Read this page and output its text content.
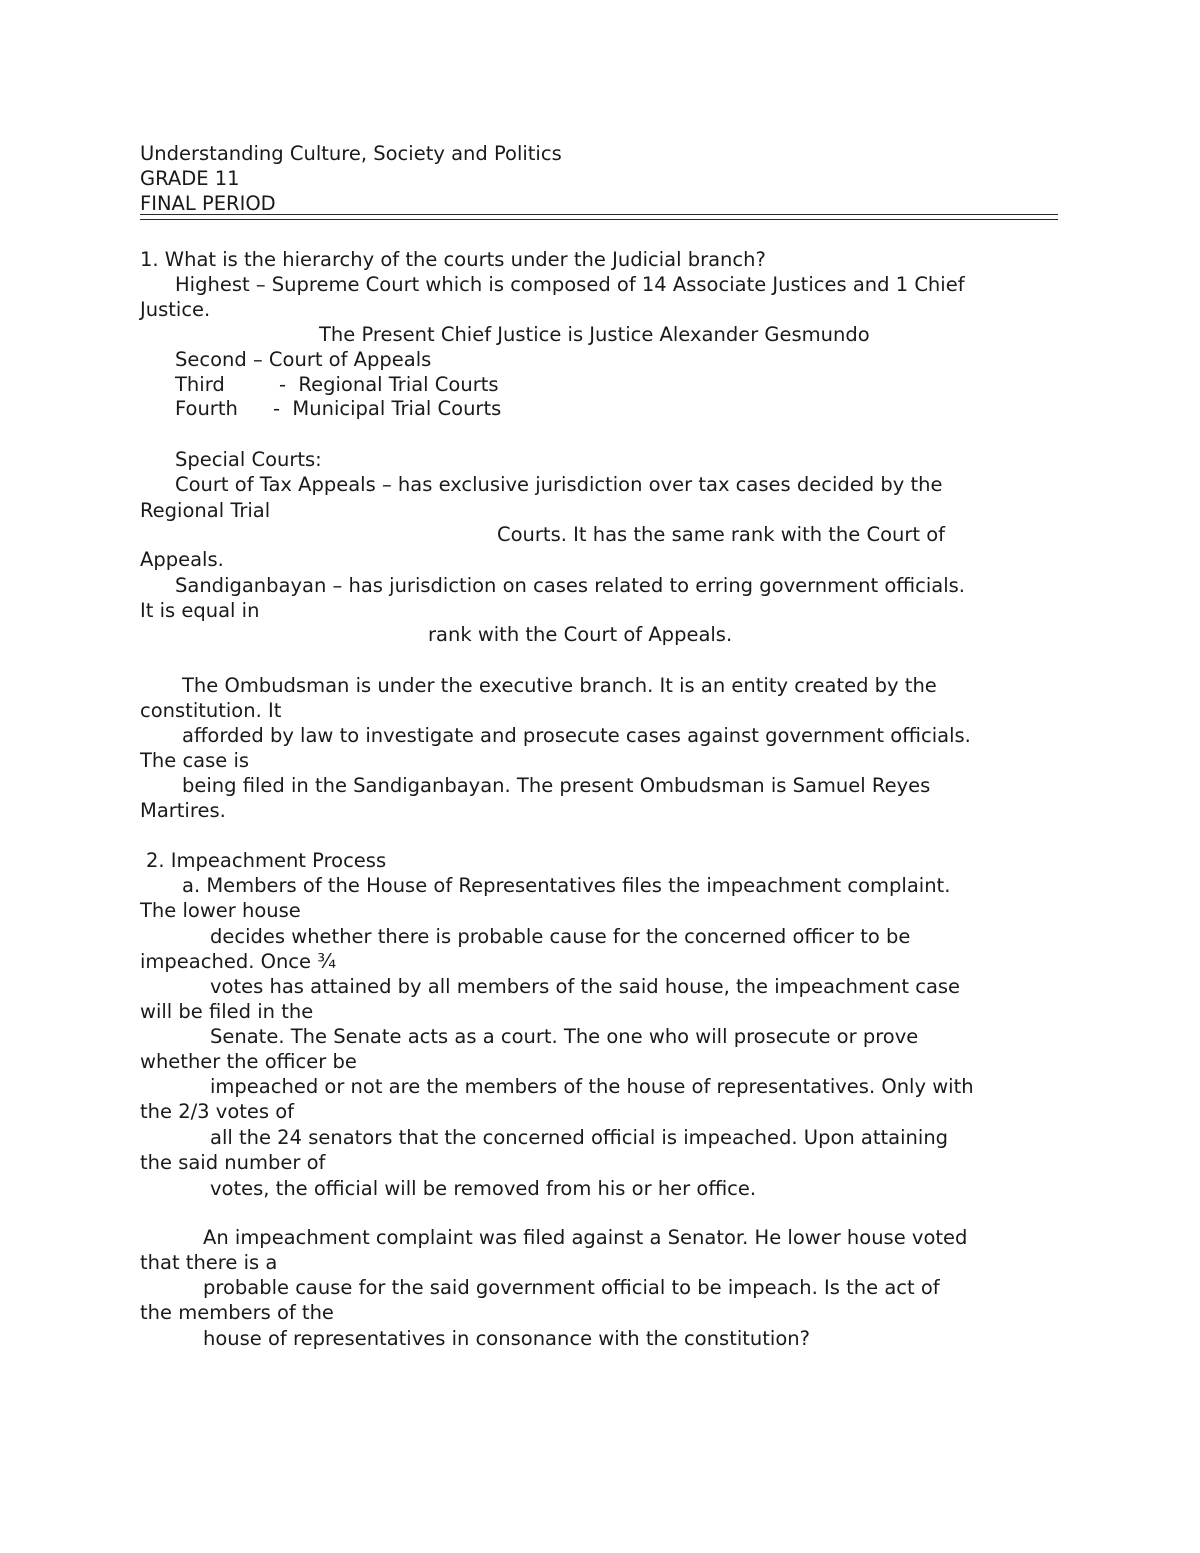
Understanding Culture, Society and Politics
GRADE 11
FINAL PERIOD
1. What is the hierarchy of the courts under the Judicial branch?
Highest – Supreme Court which is composed of 14 Associate Justices and 1 Chief
Justice.
The Present Chief Justice is Justice Alexander Gesmundo
Second – Court of Appeals
Third	-  Regional Trial Courts
Fourth -  Municipal Trial Courts
Special Courts:
Court of Tax Appeals – has exclusive jurisdiction over tax cases decided by the
Regional Trial
Courts. It has the same rank with the Court of
Appeals.
Sandiganbayan – has jurisdiction on cases related to erring government officials.
It is equal in
rank with the Court of Appeals.
The Ombudsman is under the executive branch. It is an entity created by the
constitution. It
afforded by law to investigate and prosecute cases against government officials.
The case is
being filed in the Sandiganbayan. The present Ombudsman is Samuel Reyes
Martires.
2. Impeachment Process
a. Members of the House of Representatives files the impeachment complaint.
The lower house
decides whether there is probable cause for the concerned officer to be
impeached. Once ¾
votes has attained by all members of the said house, the impeachment case
will be filed in the
Senate. The Senate acts as a court. The one who will prosecute or prove
whether the officer be
impeached or not are the members of the house of representatives. Only with
the 2/3 votes of
all the 24 senators that the concerned official is impeached. Upon attaining
the said number of
votes, the official will be removed from his or her office.
An impeachment complaint was filed against a Senator. He lower house voted
that there is a
probable cause for the said government official to be impeach. Is the act of
the members of the
house of representatives in consonance with the constitution?
